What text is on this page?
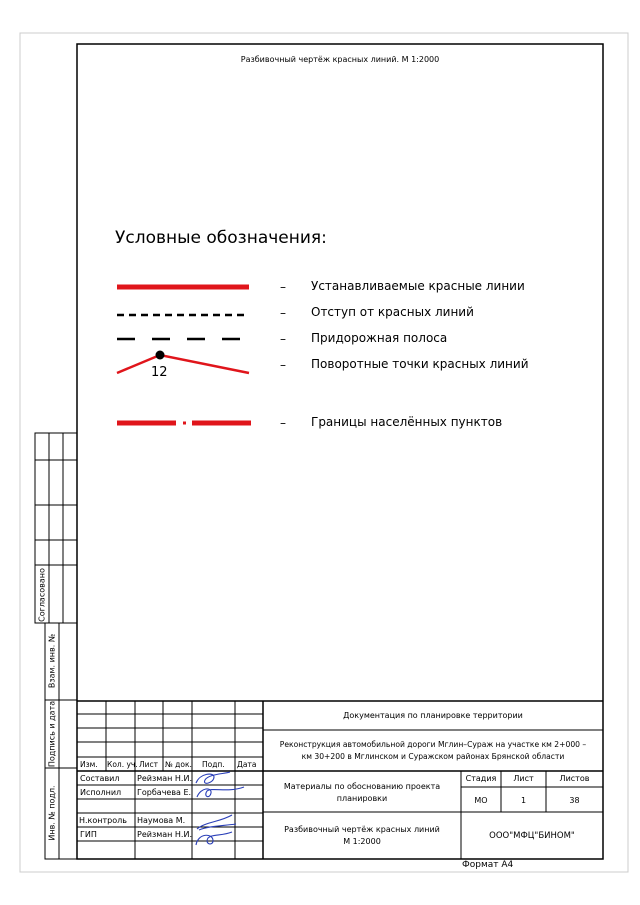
Разбивочный чертёж красных линий. М 1:2000
Условные обозначения:
– Устанавливаемые красные линии
– Отступ от красных линий
– Придорожная полоса
12	– Поворотные точки красных линий
– Границы населённых пунктов
Согласовано
Взам. инв. №
Подпись и дата
Инв. № подл.
Изм. Кол. уч. Лист № док. Подп. Дата
Составил Рейзман Н.И.
Исполнил Горбачева Е.
Н.контроль Наумова М.
ГИП	Рейзман Н.И.
Документация по планировке территории
Реконструкция автомобильной дороги Мглин–Сураж на участке км 2+000 –
км 30+200 в Мглинском и Суражском районах Брянской области
Материалы по обоснованию проекта
планировки
Разбивочный чертёж красных линий
М 1:2000
Стадия	Лист	Листов
МО	1	38
ООО"МФЦ"БИНОМ"
Формат А4
